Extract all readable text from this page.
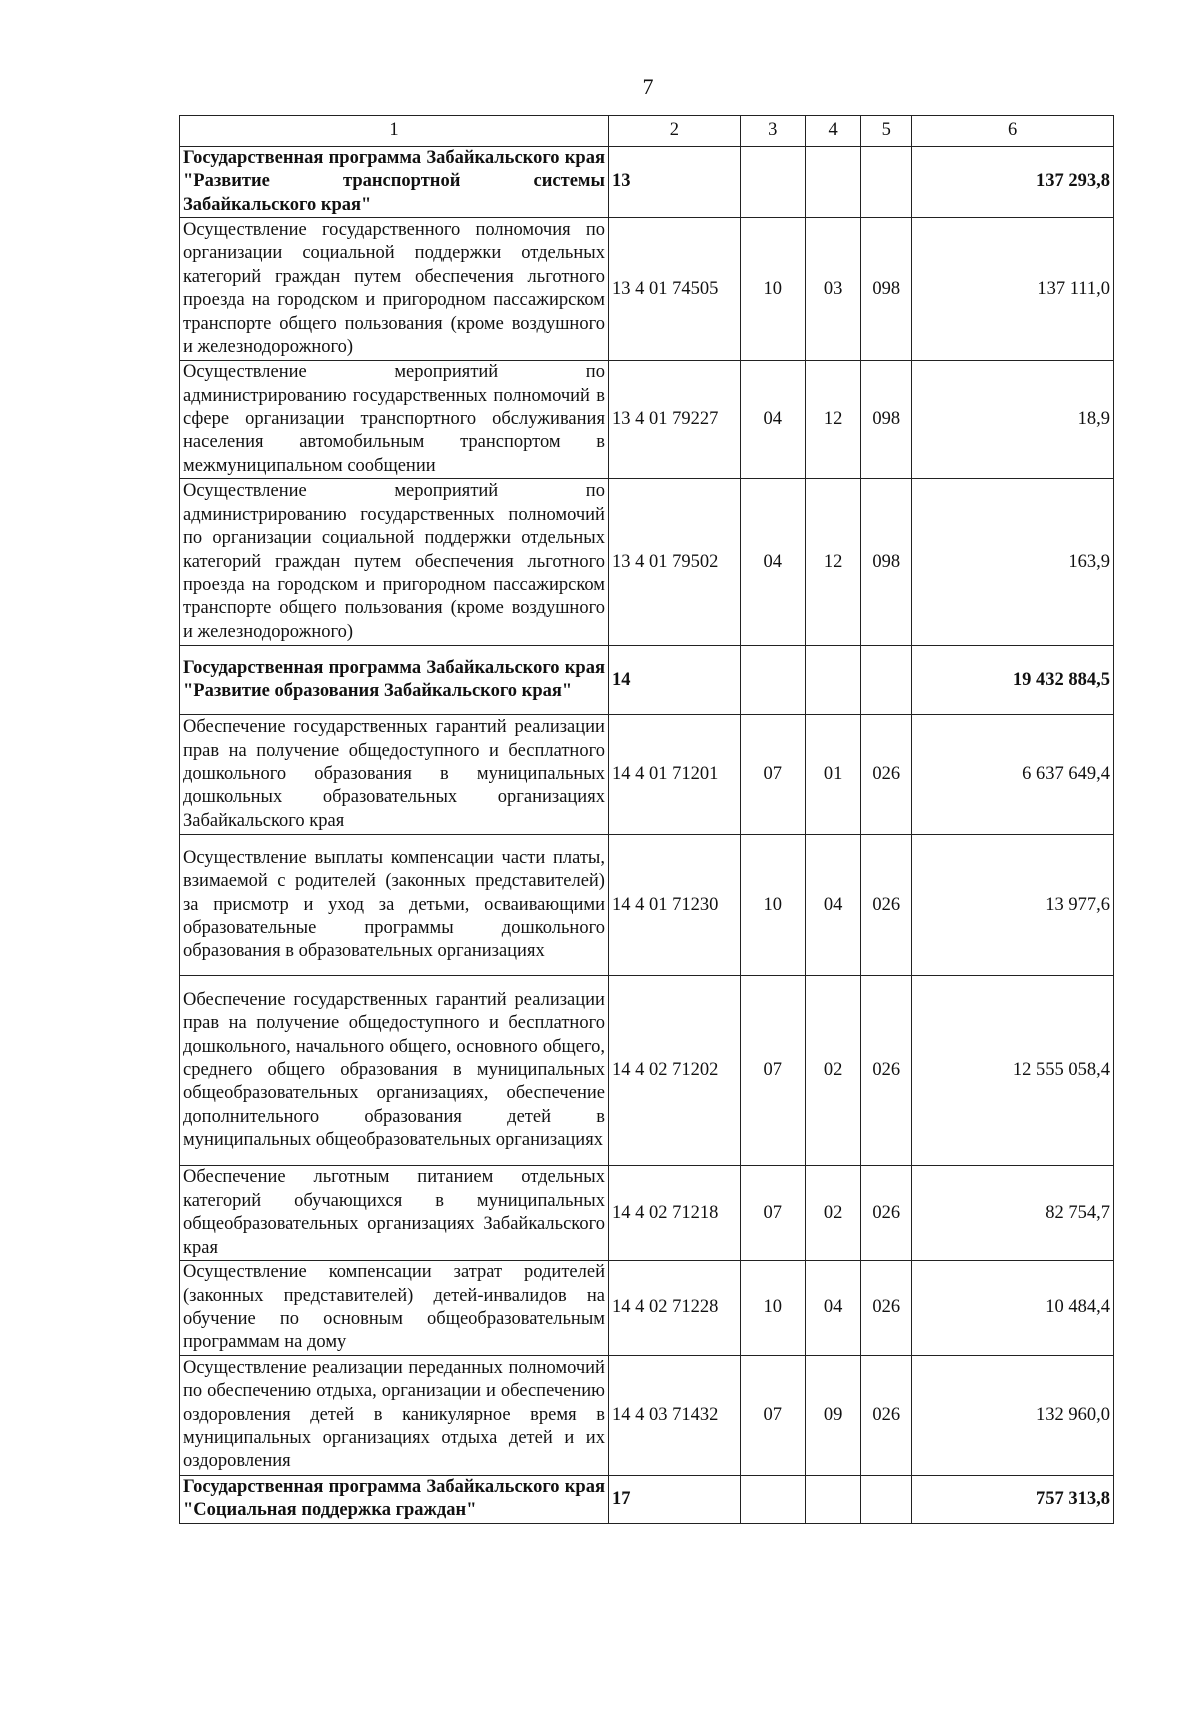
7
1	2	3	4	5	6
Государственная программа Забайкальского края "Развитие транспортной системы Забайкальского края"	13				137 293,8
Осуществление государственного полномочия по организации социальной поддержки отдельных категорий граждан путем обеспечения льготного проезда на городском и пригородном пассажирском транспорте общего пользования (кроме воздушного и железнодорожного)	13 4 01 74505	10	03	098	137 111,0
Осуществление мероприятий по администрированию государственных полномочий в сфере организации транспортного обслуживания населения автомобильным транспортом в межмуниципальном сообщении	13 4 01 79227	04	12	098	18,9
Осуществление мероприятий по администрированию государственных полномочий по организации социальной поддержки отдельных категорий граждан путем обеспечения льготного проезда на городском и пригородном пассажирском транспорте общего пользования (кроме воздушного и железнодорожного)	13 4 01 79502	04	12	098	163,9
Государственная программа Забайкальского края "Развитие образования Забайкальского края"	14				19 432 884,5
Обеспечение государственных гарантий реализации прав на получение общедоступного и бесплатного дошкольного образования в муниципальных дошкольных образовательных организациях Забайкальского края	14 4 01 71201	07	01	026	6 637 649,4
Осуществление выплаты компенсации части платы, взимаемой с родителей (законных представителей) за присмотр и уход за детьми, осваивающими образовательные программы дошкольного образования в образовательных организациях	14 4 01 71230	10	04	026	13 977,6
Обеспечение государственных гарантий реализации прав на получение общедоступного и бесплатного дошкольного, начального общего, основного общего, среднего общего образования в муниципальных общеобразовательных организациях, обеспечение дополнительного образования детей в муниципальных общеобразовательных организациях	14 4 02 71202	07	02	026	12 555 058,4
Обеспечение льготным питанием отдельных категорий обучающихся в муниципальных общеобразовательных организациях Забайкальского края	14 4 02 71218	07	02	026	82 754,7
Осуществление компенсации затрат родителей (законных представителей) детей-инвалидов на обучение по основным общеобразовательным программам на дому	14 4 02 71228	10	04	026	10 484,4
Осуществление реализации переданных полномочий по обеспечению отдыха, организации и обеспечению оздоровления детей в каникулярное время в муниципальных организациях отдыха детей и их оздоровления	14 4 03 71432	07	09	026	132 960,0
Государственная программа Забайкальского края "Социальная поддержка граждан"	17				757 313,8
